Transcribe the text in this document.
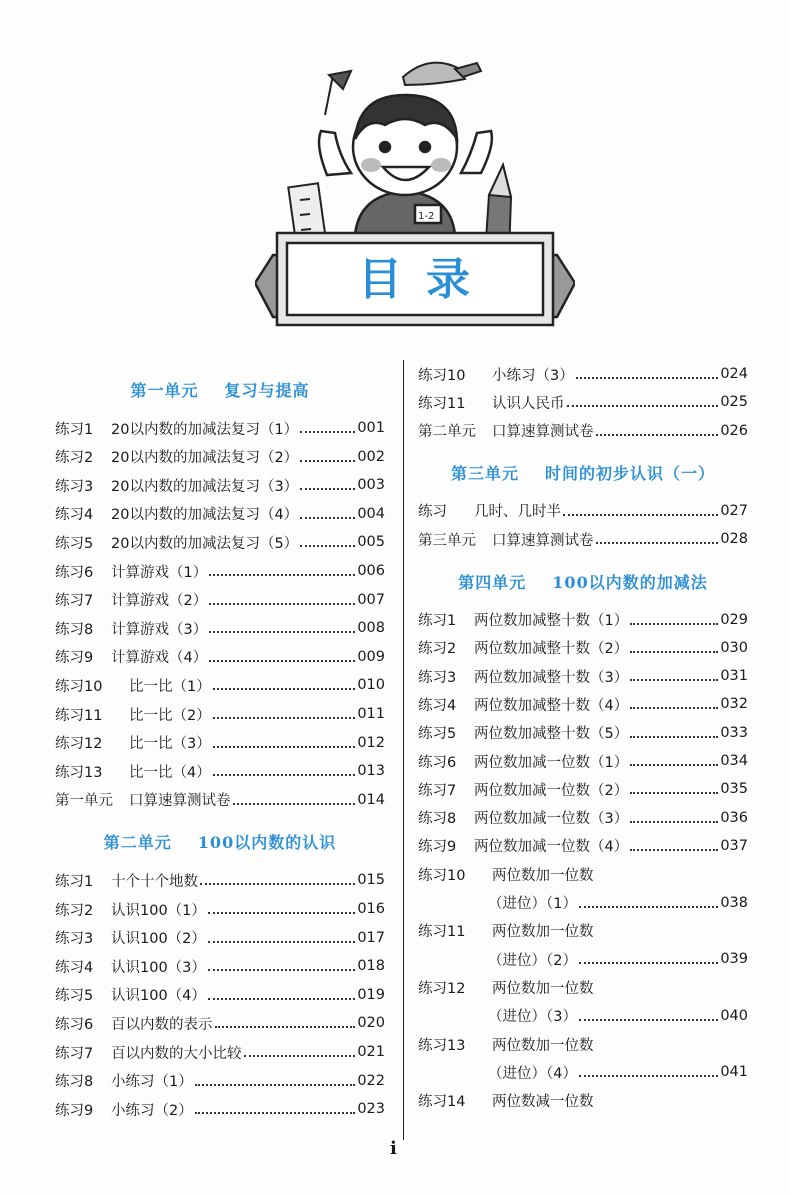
1-2
目 录
第一单元 复习与提高
练习1	20以内数的加减法复习（1）	001
练习2	20以内数的加减法复习（2）	002
练习3	20以内数的加减法复习（3）	003
练习4	20以内数的加减法复习（4）	004
练习5	20以内数的加减法复习（5）	005
练习6	计算游戏（1）	006
练习7	计算游戏（2）	007
练习8	计算游戏（3）	008
练习9	计算游戏（4）	009
练习10	比一比（1）	010
练习11	比一比（2）	011
练习12	比一比（3）	012
练习13	比一比（4）	013
第一单元	口算速算测试卷	014
第二单元 100以内数的认识
练习1	十个十个地数	015
练习2	认识100（1）	016
练习3	认识100（2）	017
练习4	认识100（3）	018
练习5	认识100（4）	019
练习6	百以内数的表示	020
练习7	百以内数的大小比较	021
练习8	小练习（1）	022
练习9	小练习（2）	023
练习10	小练习（3）	024
练习11	认识人民币	025
第二单元	口算速算测试卷	026
第三单元 时间的初步认识（一）
练习	几时、几时半	027
第三单元	口算速算测试卷	028
第四单元 100以内数的加减法
练习1	两位数加减整十数（1）	029
练习2	两位数加减整十数（2）	030
练习3	两位数加减整十数（3）	031
练习4	两位数加减整十数（4）	032
练习5	两位数加减整十数（5）	033
练习6	两位数加减一位数（1）	034
练习7	两位数加减一位数（2）	035
练习8	两位数加减一位数（3）	036
练习9	两位数加减一位数（4）	037
练习10	两位数加一位数
（进位）（1）	038
练习11	两位数加一位数
（进位）（2）	039
练习12	两位数加一位数
（进位）（3）	040
练习13	两位数加一位数
（进位）（4）	041
练习14	两位数减一位数
i
